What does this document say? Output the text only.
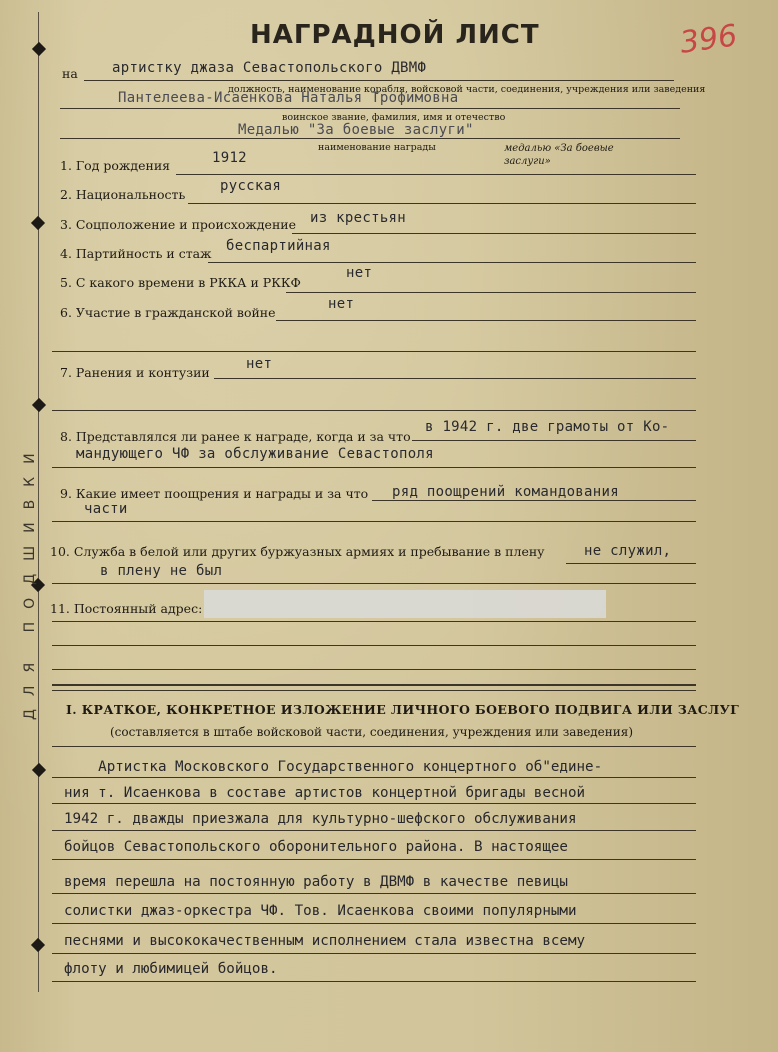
ДЛЯ ПОДШИВКИ
НАГРАДНОЙ ЛИСТ	396
на артистку джаза Севастопольского ДВМФ
должность, наименование корабля, войсковой части, соединения, учреждения или заведения
Пантелеева-Исаенкова Наталья Трофимовна
воинское звание, фамилия, имя и отечество
Медалью "За боевые заслуги"
наименование награды	медалью «За боевые заслуги»
1. Год рождения	1912
2. Национальность
русская
3. Соцположение и происхождение из крестьян
4. Партийность и стаж беспартийная
5. С какого времени в РККА и РККФ
нет
6. Участие в гражданской войне
нет
7. Ранения и контузии
нет
8. Представлялся ли ранее к награде, когда и за что
в 1942 г. две грамоты от Ко-
мандующего ЧФ за обслуживание Севастополя
9. Какие имеет поощрения и награды и за что ряд поощрений командования
части
10. Служба в белой или других буржуазных армиях и пребывание в плену	не служил,
в плену не был
11. Постоянный адрес:
I. КРАТКОЕ, КОНКРЕТНОЕ ИЗЛОЖЕНИЕ ЛИЧНОГО БОЕВОГО ПОДВИГА ИЛИ ЗАСЛУГ
(составляется в штабе войсковой части, соединения, учреждения или заведения)
Артистка Московского Государственного концертного об"едине-
ния т. Исаенкова в составе артистов концертной бригады весной
1942 г. дважды приезжала для культурно-шефского обслуживания
бойцов Севастопольского оборонительного района. В настоящее
время перешла на постоянную работу в ДВМФ в качестве певицы
солистки джаз-оркестра ЧФ. Тов. Исаенкова своими популярными
песнями и высококачественным исполнением стала известна всему
флоту и любимицей бойцов.
